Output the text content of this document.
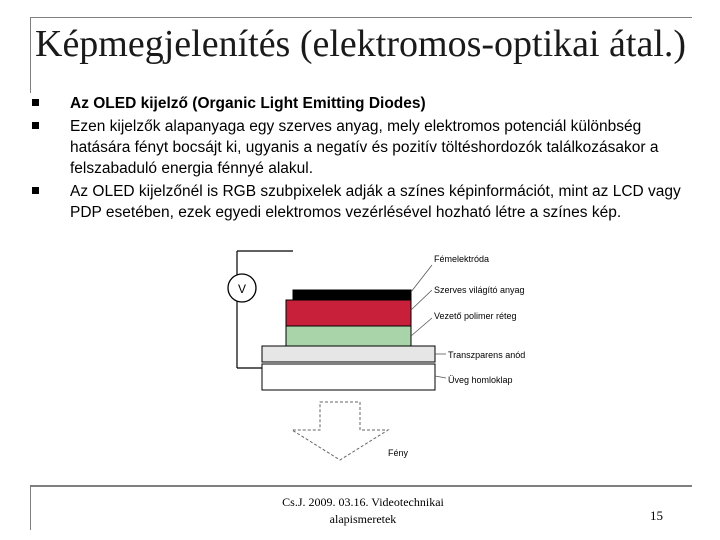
Képmegjelenítés (elektromos-optikai átal.)
Az OLED kijelző (Organic Light Emitting Diodes)
Ezen kijelzők alapanyaga egy szerves anyag, mely elektromos potenciál különbség hatására fényt bocsájt ki, ugyanis a negatív és pozitív töltéshordozók találkozásakor a felszabaduló energia fénnyé alakul.
Az OLED kijelzőnél is RGB szubpixelek adják a színes képinformációt, mint az LCD vagy PDP esetében, ezek egyedi elektromos vezérlésével hozható létre a színes kép.
V
Fémelektróda
Szerves világító anyag
Vezető polimer réteg
Transzparens anód
Üveg homloklap
Fény
Cs.J. 2009. 03.16. Videotechnikai
alapismeretek	15
